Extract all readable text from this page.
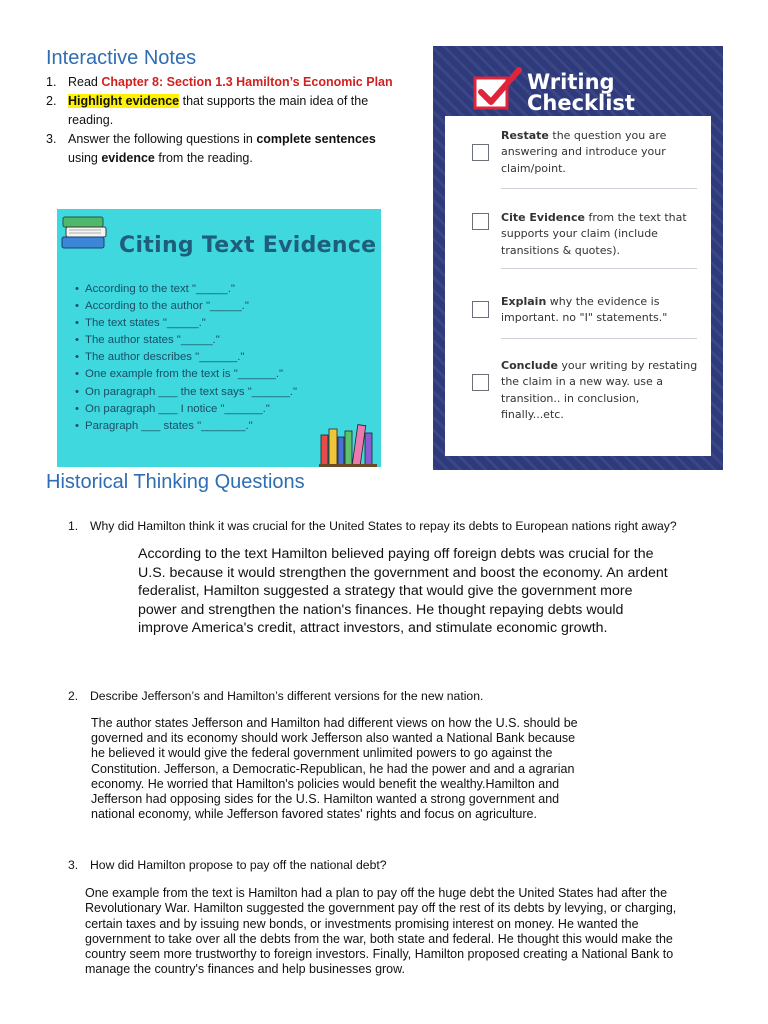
Interactive Notes
1. Read Chapter 8: Section 1.3 Hamilton’s Economic Plan
2. Highlight evidence that supports the main idea of the reading.
3. Answer the following questions in complete sentences using evidence from the reading.
Citing Text Evidence
• According to the text "_____."
• According to the author "_____."
• The text states "_____."
• The author states "_____."
• The author describes "______."
• One example from the text is "______."
• On paragraph ___ the text says "______."
• On paragraph ___ I notice "______."
• Paragraph ___ states "_______."
Writing
Checklist
Restate the question you are answering and introduce your claim/point.
Cite Evidence from the text that supports your claim (include transitions & quotes).
Explain why the evidence is important. no "I" statements."
Conclude your writing by restating the claim in a new way. use a transition.. in conclusion, finally...etc.
Historical Thinking Questions
1. Why did Hamilton think it was crucial for the United States to repay its debts to European nations right away?
According to the text Hamilton believed paying off foreign debts was crucial for the U.S. because it would strengthen the government and boost the economy. An ardent federalist, Hamilton suggested a strategy that would give the government more power and strengthen the nation's finances. He thought repaying debts would improve America's credit, attract investors, and stimulate economic growth.
2. Describe Jefferson’s and Hamilton’s different versions for the new nation.
The author states Jefferson and Hamilton had different views on how the U.S. should be governed and its economy should work Jefferson also wanted a National Bank because he believed it would give the federal government unlimited powers to go against the Constitution. Jefferson, a Democratic-Republican, he had the power and and a agrarian economy. He worried that Hamilton's policies would benefit the wealthy.Hamilton and Jefferson had opposing sides for the U.S. Hamilton wanted a strong government and national economy, while Jefferson favored states' rights and focus on agriculture.
3. How did Hamilton propose to pay off the national debt?
One example from the text is Hamilton had a plan to pay off the huge debt the United States had after the Revolutionary War. Hamilton suggested the government pay off the rest of its debts by levying, or charging, certain taxes and by issuing new bonds, or investments promising interest on money. He wanted the government to take over all the debts from the war, both state and federal. He thought this would make the country seem more trustworthy to foreign investors. Finally, Hamilton proposed creating a National Bank to manage the country's finances and help businesses grow.
